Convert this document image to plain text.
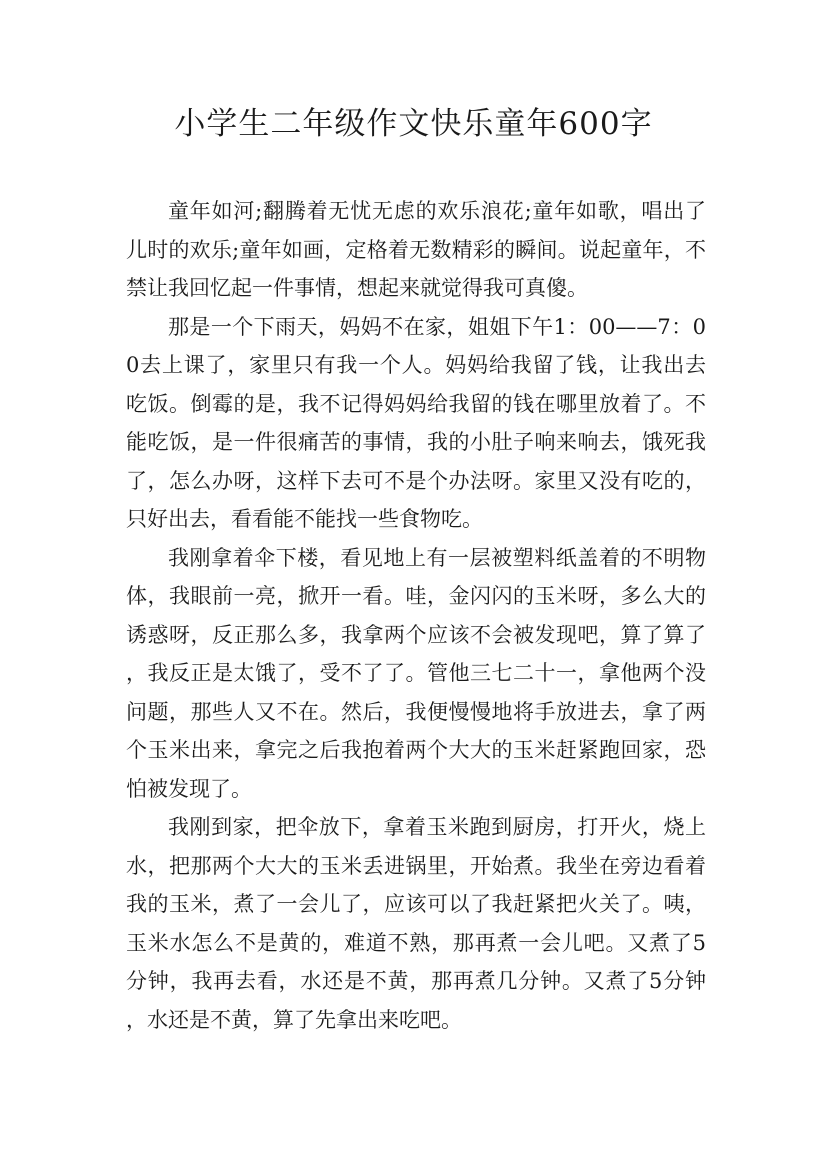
小学生二年级作文快乐童年600字

童年如河;翻腾着无忧无虑的欢乐浪花;童年如歌，唱出了儿时的欢乐;童年如画，定格着无数精彩的瞬间。说起童年，不禁让我回忆起一件事情，想起来就觉得我可真傻。

那是一个下雨天，妈妈不在家，姐姐下午1：00——7：00去上课了，家里只有我一个人。妈妈给我留了钱，让我出去吃饭。倒霉的是，我不记得妈妈给我留的钱在哪里放着了。不能吃饭，是一件很痛苦的事情，我的小肚子响来响去，饿死我了，怎么办呀，这样下去可不是个办法呀。家里又没有吃的，只好出去，看看能不能找一些食物吃。

我刚拿着伞下楼，看见地上有一层被塑料纸盖着的不明物体，我眼前一亮，掀开一看。哇，金闪闪的玉米呀，多么大的诱惑呀，反正那么多，我拿两个应该不会被发现吧，算了算了，我反正是太饿了，受不了了。管他三七二十一，拿他两个没问题，那些人又不在。然后，我便慢慢地将手放进去，拿了两个玉米出来，拿完之后我抱着两个大大的玉米赶紧跑回家，恐怕被发现了。

我刚到家，把伞放下，拿着玉米跑到厨房，打开火，烧上水，把那两个大大的玉米丢进锅里，开始煮。我坐在旁边看着我的玉米，煮了一会儿了，应该可以了我赶紧把火关了。咦，玉米水怎么不是黄的，难道不熟，那再煮一会儿吧。又煮了5分钟，我再去看，水还是不黄，那再煮几分钟。又煮了5分钟，水还是不黄，算了先拿出来吃吧。
